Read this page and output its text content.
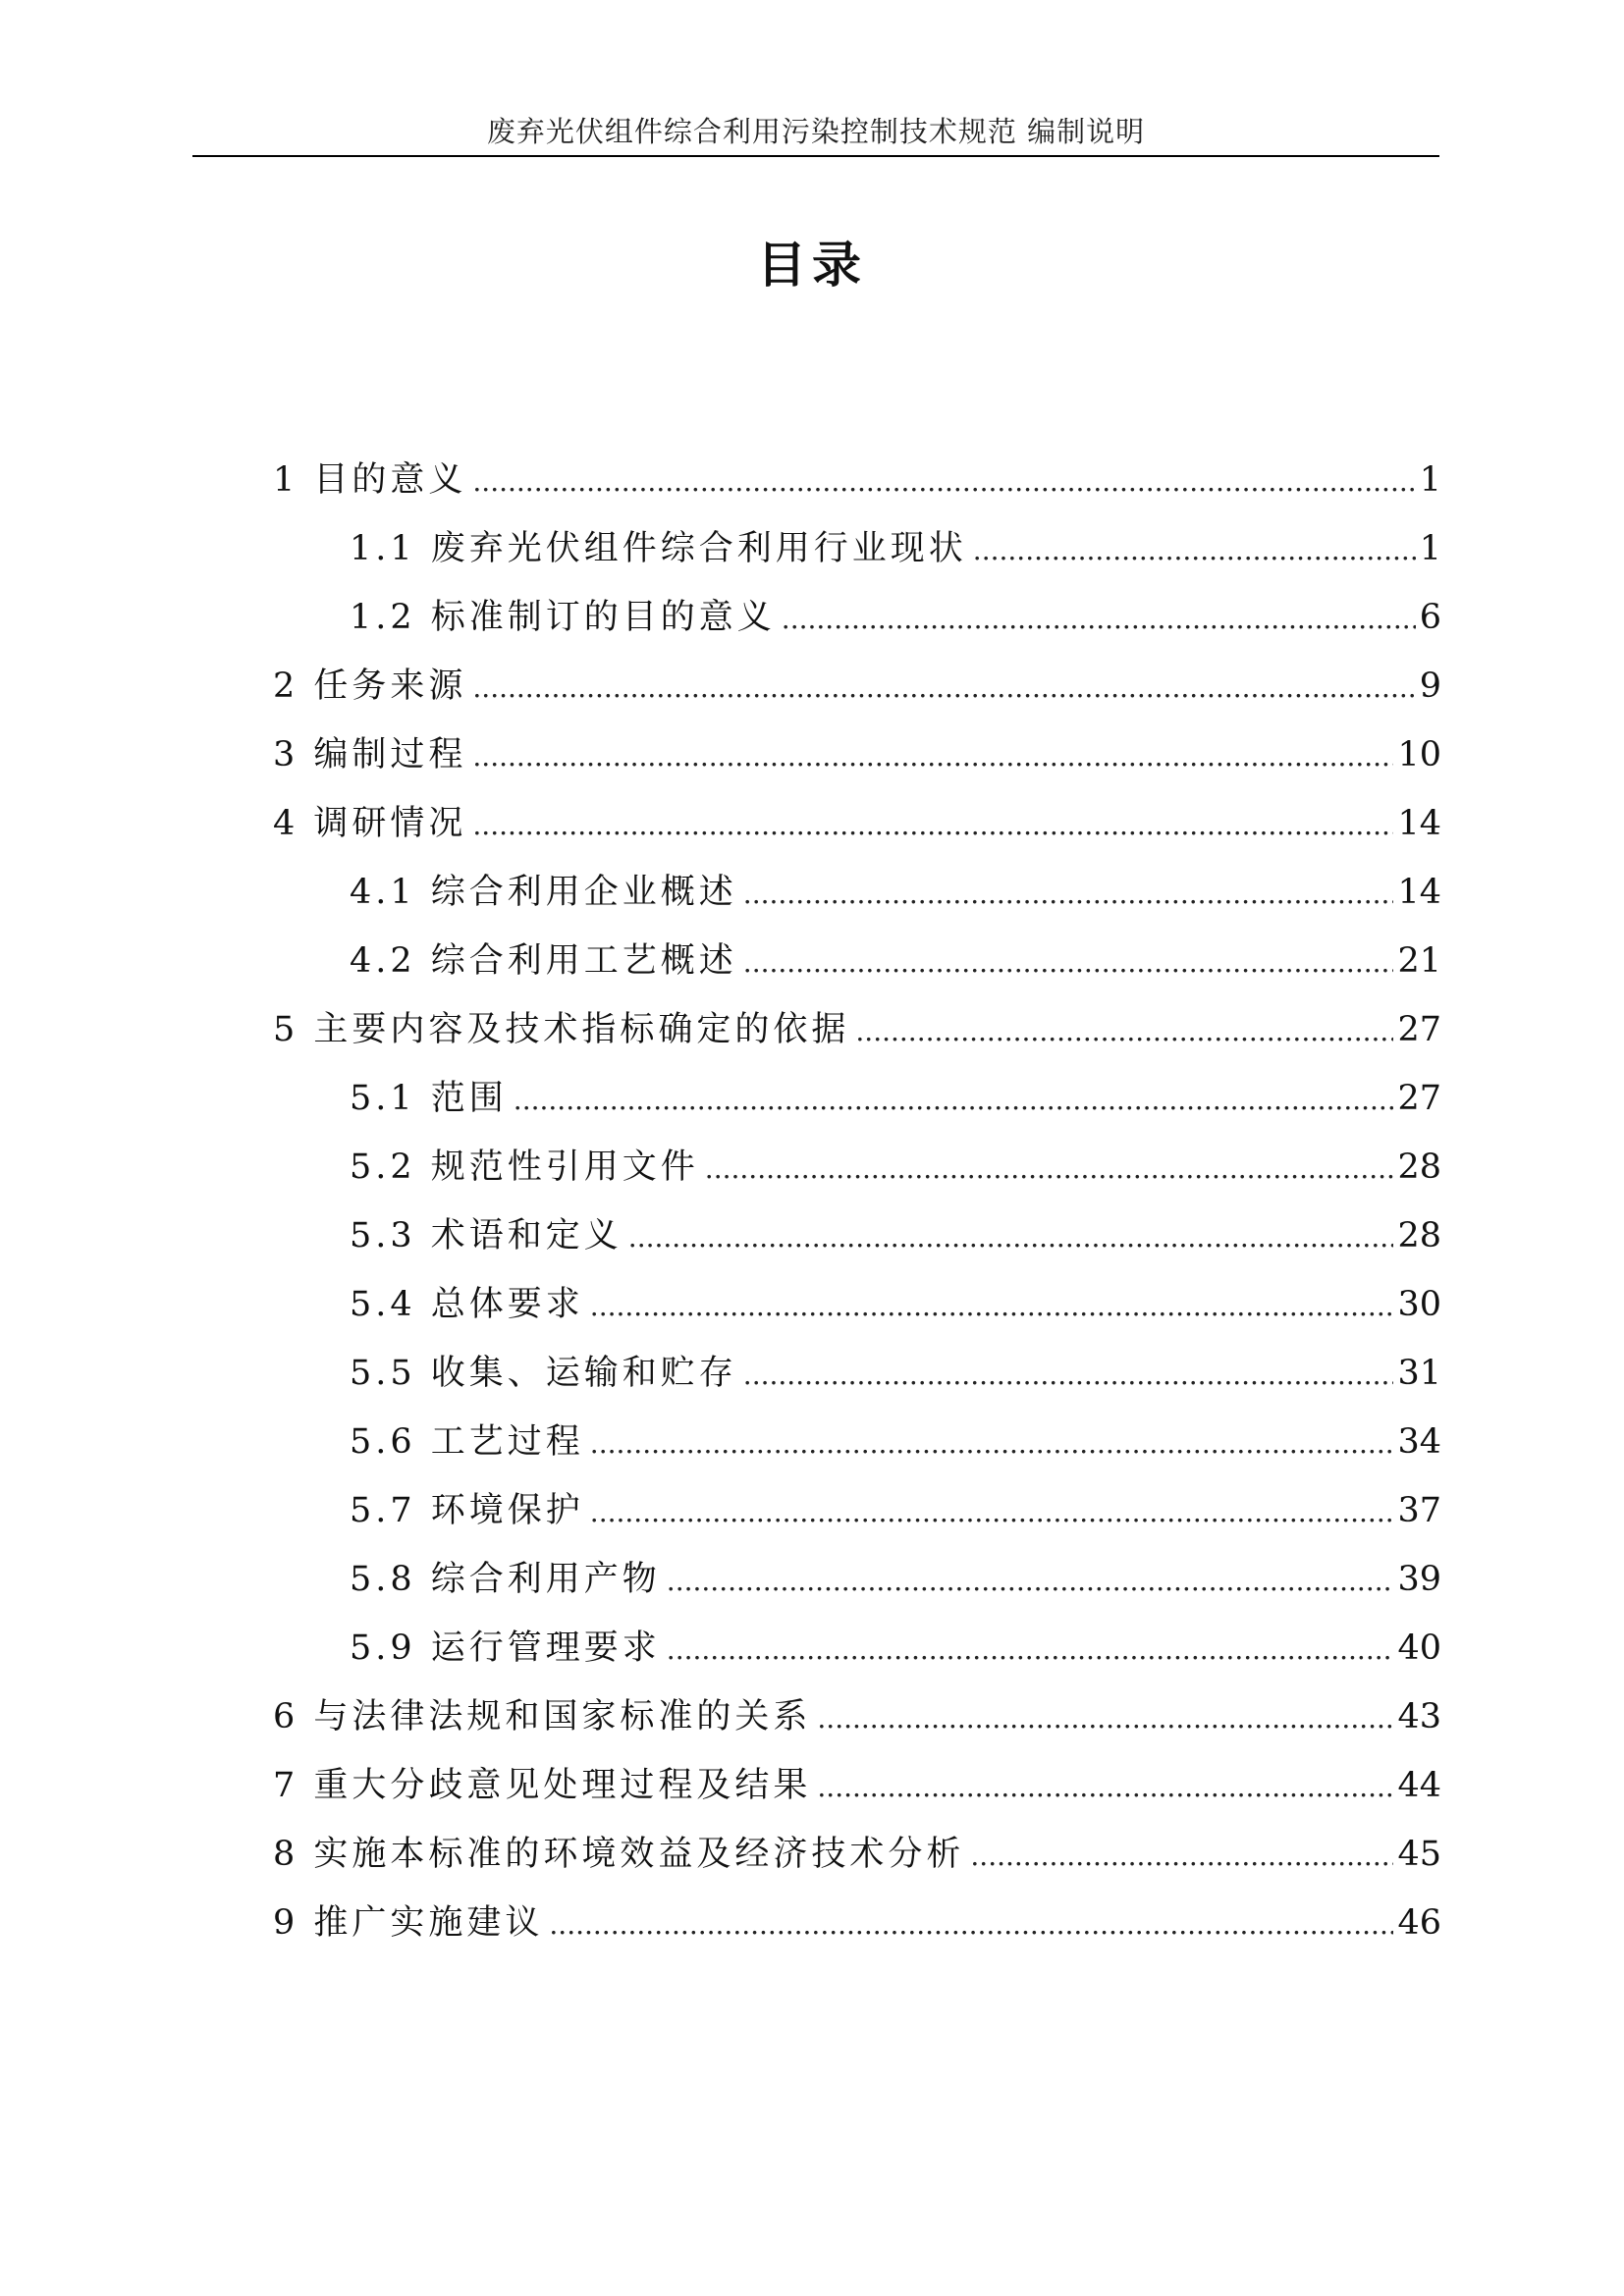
废弃光伏组件综合利用污染控制技术规范 编制说明
目录
1 目的意义 .....	1
1.1 废弃光伏组件综合利用行业现状 .....	1
1.2 标准制订的目的意义 .....	6
2 任务来源 .....	9
3 编制过程 .....	10
4 调研情况 .....	14
4.1 综合利用企业概述 .....	14
4.2 综合利用工艺概述 .....	21
5 主要内容及技术指标确定的依据 .....	27
5.1 范围 .....	27
5.2 规范性引用文件 .....	28
5.3 术语和定义 .....	28
5.4 总体要求 .....	30
5.5 收集、运输和贮存 .....	31
5.6 工艺过程 .....	34
5.7 环境保护 .....	37
5.8 综合利用产物 .....	39
5.9 运行管理要求 .....	40
6 与法律法规和国家标准的关系 .....	43
7 重大分歧意见处理过程及结果 .....	44
8 实施本标准的环境效益及经济技术分析 .....	45
9 推广实施建议 .....	46
